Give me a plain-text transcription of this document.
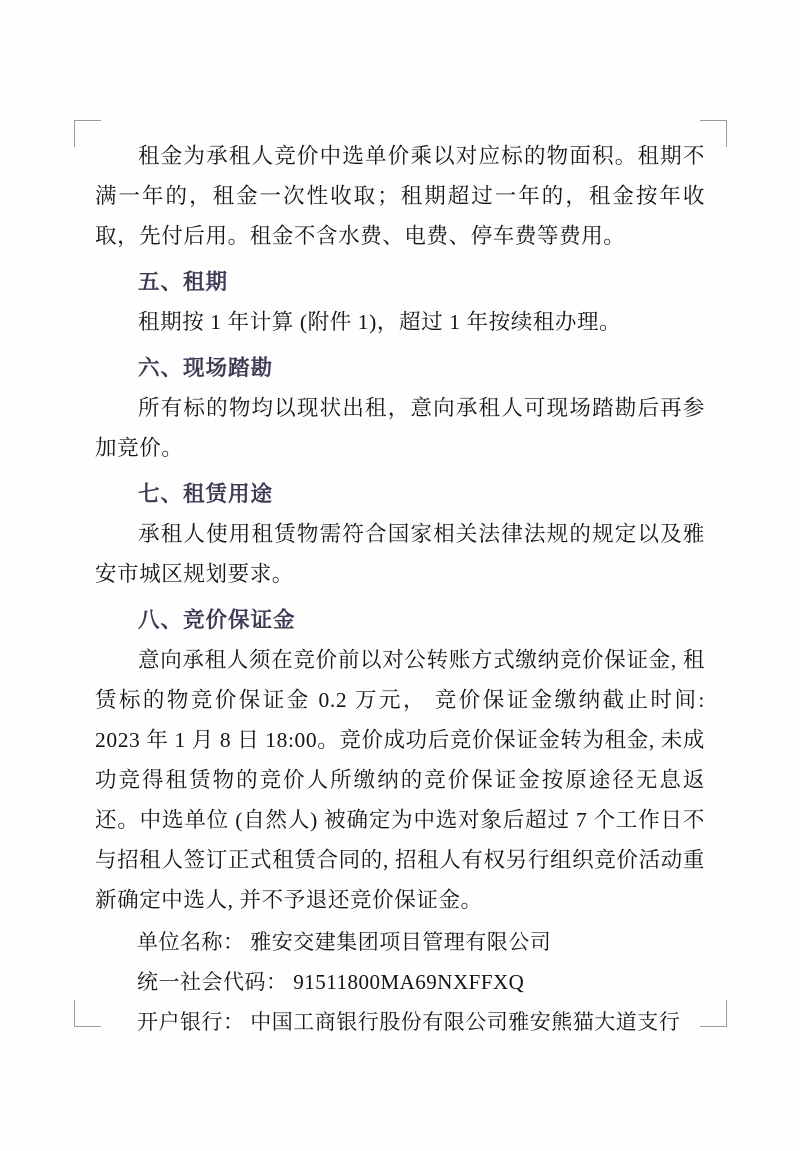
租金为承租人竞价中选单价乘以对应标的物面积。租期不满一年的，租金一次性收取；租期超过一年的，租金按年收取，先付后用。租金不含水费、电费、停车费等费用。

五、租期

租期按 1 年计算 (附件 1)，超过 1 年按续租办理。

六、现场踏勘

所有标的物均以现状出租，意向承租人可现场踏勘后再参加竞价。

七、租赁用途

承租人使用租赁物需符合国家相关法律法规的规定以及雅安市城区规划要求。

八、竞价保证金

意向承租人须在竞价前以对公转账方式缴纳竞价保证金, 租赁标的物竞价保证金 0.2 万元， 竞价保证金缴纳截止时间: 2023 年 1 月 8 日 18:00。竞价成功后竞价保证金转为租金, 未成功竞得租赁物的竞价人所缴纳的竞价保证金按原途径无息返还。中选单位 (自然人) 被确定为中选对象后超过 7 个工作日不与招租人签订正式租赁合同的, 招租人有权另行组织竞价活动重新确定中选人, 并不予退还竞价保证金。

单位名称： 雅安交建集团项目管理有限公司

统一社会代码： 91511800MA69NXFFXQ

开户银行： 中国工商银行股份有限公司雅安熊猫大道支行
